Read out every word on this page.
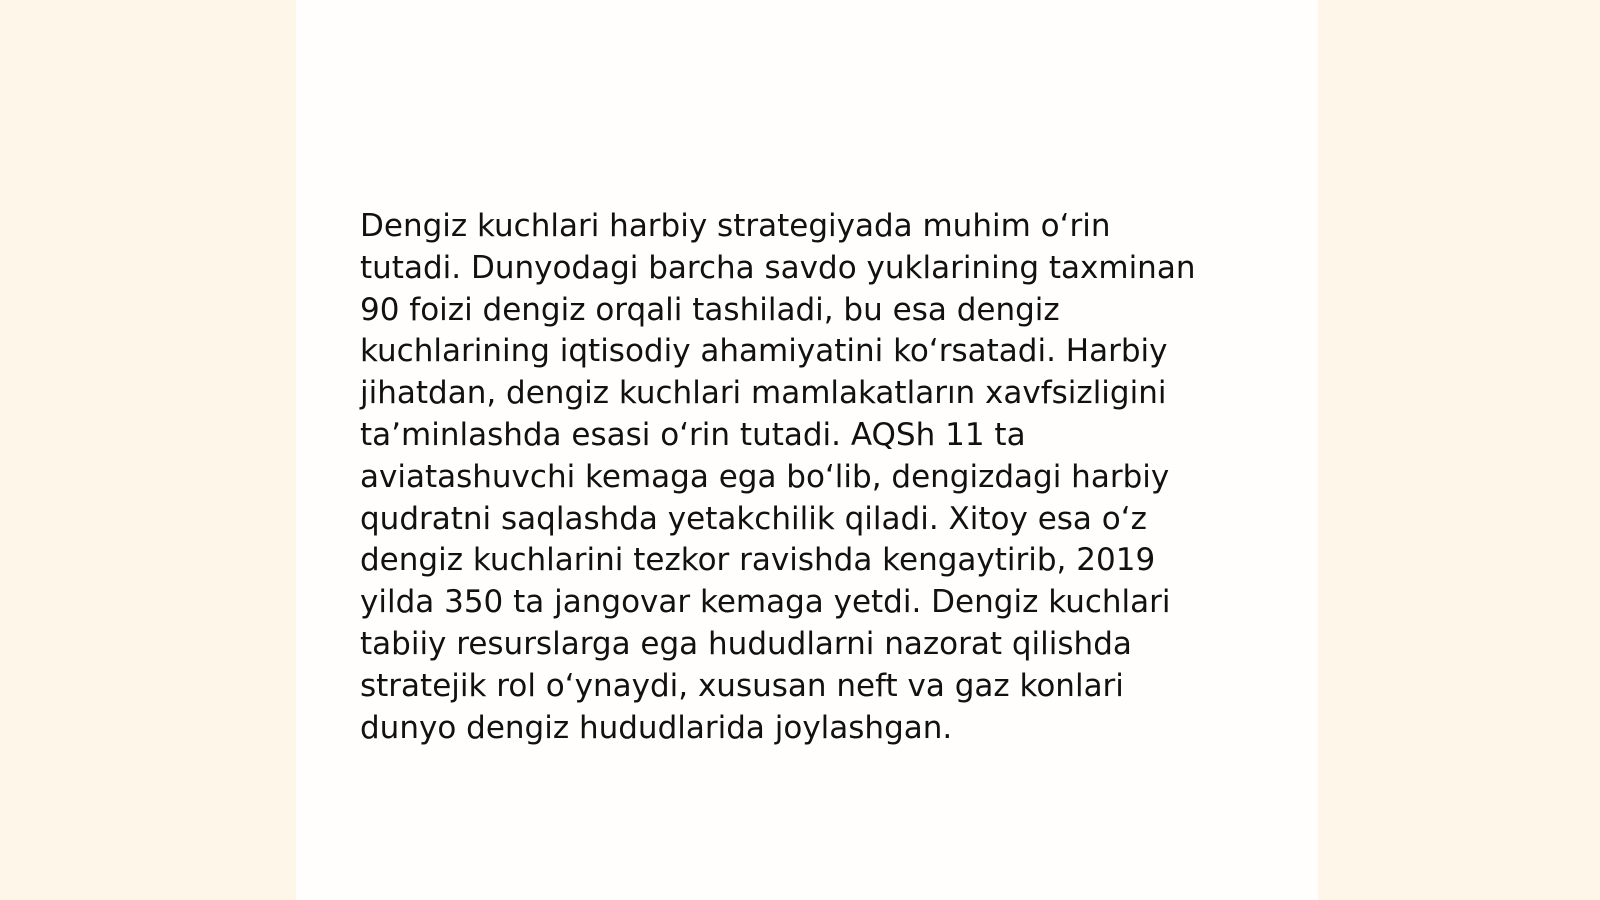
Dengiz kuchlari harbiy strategiyada muhim o‘rin
tutadi. Dunyodagi barcha savdo yuklarining taxminan
90 foizi dengiz orqali tashiladi, bu esa dengiz
kuchlarining iqtisodiy ahamiyatini ko‘rsatadi. Harbiy
jihatdan, dengiz kuchlari mamlakatların xavfsizligini
ta’minlashda esasi o‘rin tutadi. AQSh 11 ta
aviatashuvchi kemaga ega bo‘lib, dengizdagi harbiy
qudratni saqlashda yetakchilik qiladi. Xitoy esa o‘z
dengiz kuchlarini tezkor ravishda kengaytirib, 2019
yilda 350 ta jangovar kemaga yetdi. Dengiz kuchlari
tabiiy resurslarga ega hududlarni nazorat qilishda
stratejik rol o‘ynaydi, xususan neft va gaz konlari
dunyo dengiz hududlarida joylashgan.
